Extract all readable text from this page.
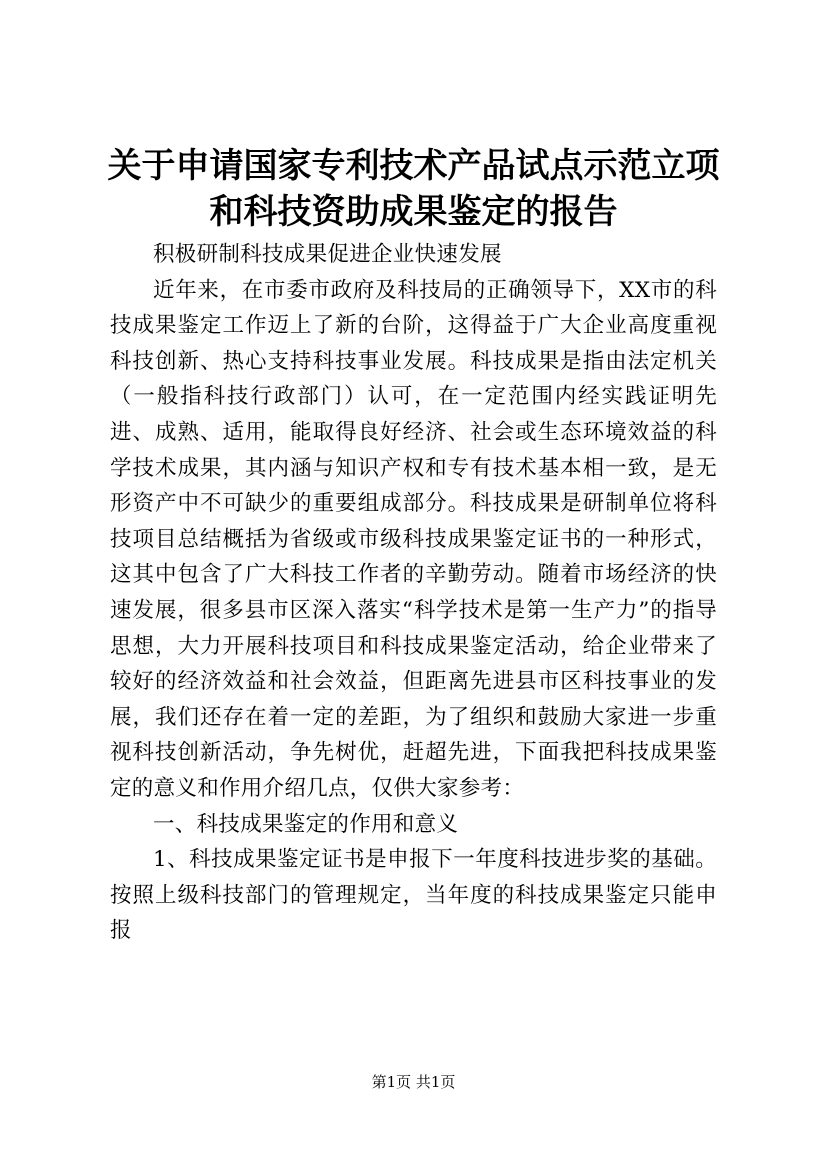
关于申请国家专利技术产品试点示范立项和科技资助成果鉴定的报告

积极研制科技成果促进企业快速发展

近年来，在市委市政府及科技局的正确领导下，XX市的科技成果鉴定工作迈上了新的台阶，这得益于广大企业高度重视科技创新、热心支持科技事业发展。科技成果是指由法定机关（一般指科技行政部门）认可，在一定范围内经实践证明先进、成熟、适用，能取得良好经济、社会或生态环境效益的科学技术成果，其内涵与知识产权和专有技术基本相一致，是无形资产中不可缺少的重要组成部分。科技成果是研制单位将科技项目总结概括为省级或市级科技成果鉴定证书的一种形式，这其中包含了广大科技工作者的辛勤劳动。随着市场经济的快速发展，很多县市区深入落实“科学技术是第一生产力”的指导思想，大力开展科技项目和科技成果鉴定活动，给企业带来了较好的经济效益和社会效益，但距离先进县市区科技事业的发展，我们还存在着一定的差距，为了组织和鼓励大家进一步重视科技创新活动，争先树优，赶超先进，下面我把科技成果鉴定的意义和作用介绍几点，仅供大家参考：

一、科技成果鉴定的作用和意义

1、科技成果鉴定证书是申报下一年度科技进步奖的基础。按照上级科技部门的管理规定，当年度的科技成果鉴定只能申报

第1页 共1页
